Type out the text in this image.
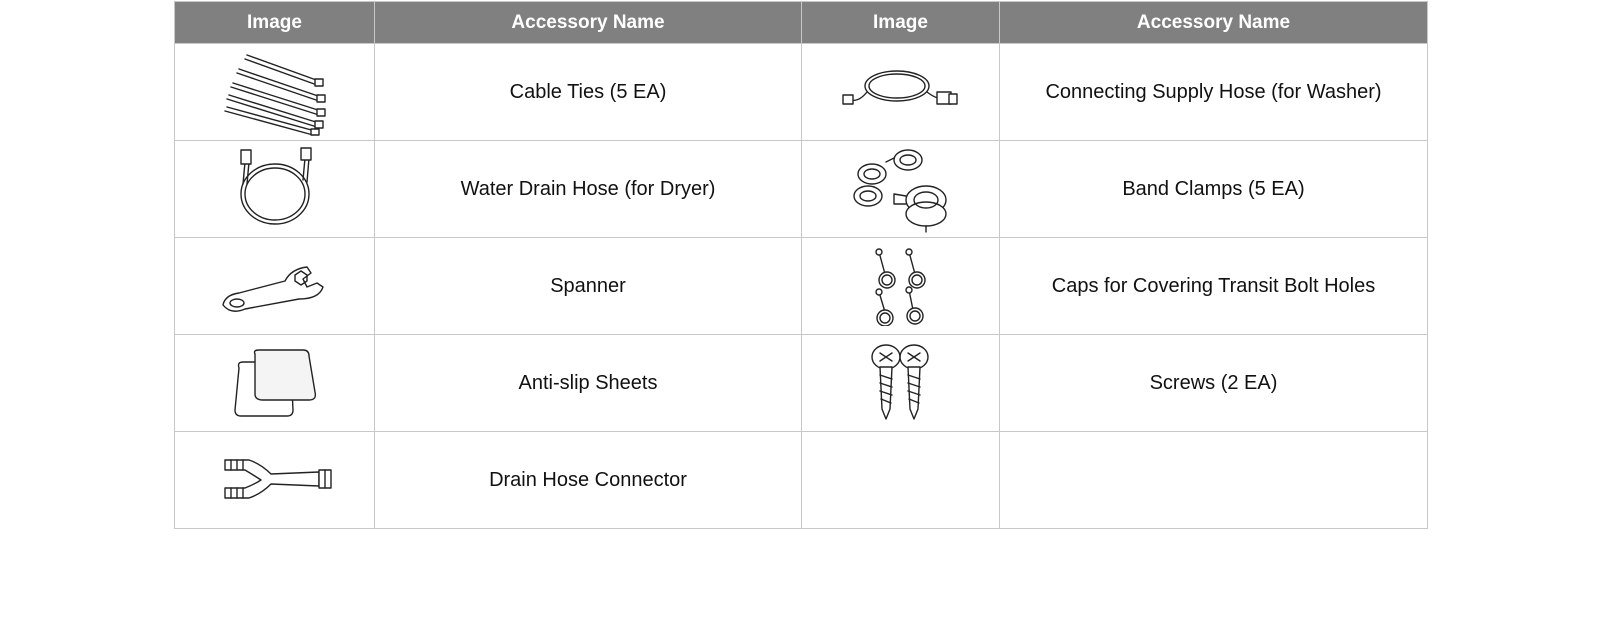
Image	Accessory Name	Image	Accessory Name

	Cable Ties (5 EA)		Connecting Supply Hose (for Washer)

	Water Drain Hose (for Dryer)		Band Clamps (5 EA)

	Spanner		Caps for Covering Transit Bolt Holes

	Anti-slip Sheets		Screws (2 EA)

	Drain Hose Connector		
